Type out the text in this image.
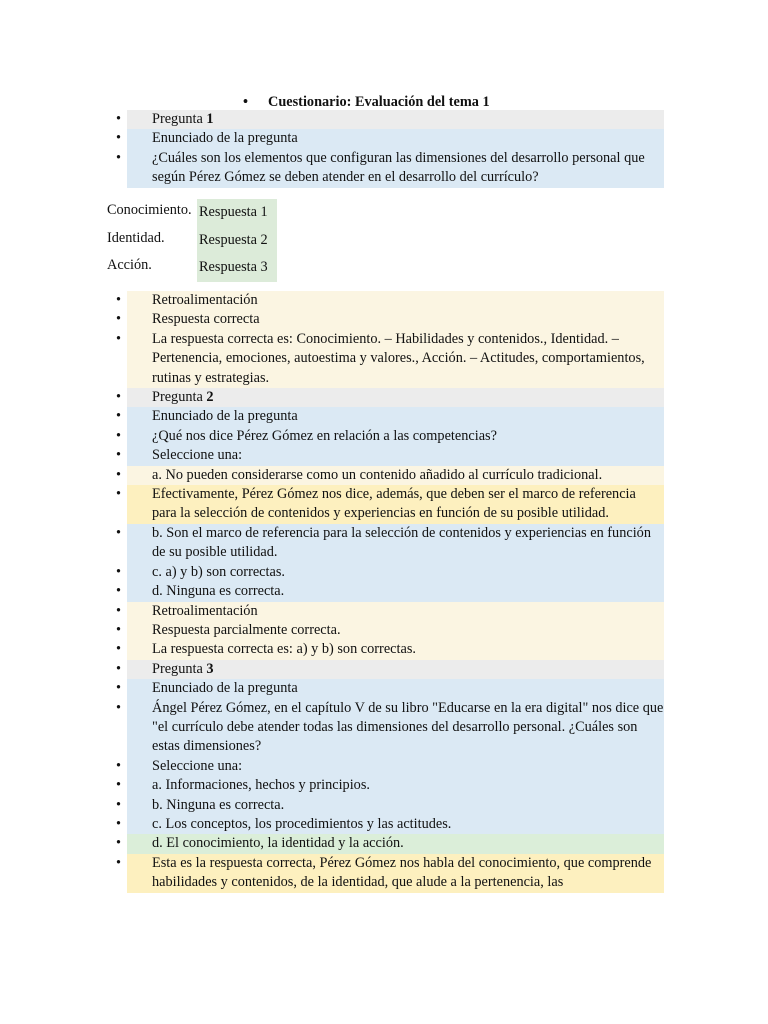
•	Cuestionario: Evaluación del tema 1
•	Pregunta 1
•	Enunciado de la pregunta
•	¿Cuáles son los elementos que configuran las dimensiones del desarrollo personal que según Pérez Gómez se deben atender en el desarrollo del currículo?
Conocimiento. Respuesta 1
Identidad. Respuesta 2
Acción.	Respuesta 3
•	Retroalimentación
•	Respuesta correcta
•	La respuesta correcta es: Conocimiento. – Habilidades y contenidos., Identidad. – Pertenencia, emociones, autoestima y valores., Acción. – Actitudes, comportamientos, rutinas y estrategias.
•	Pregunta 2
•	Enunciado de la pregunta
•	¿Qué nos dice Pérez Gómez en relación a las competencias?
•	Seleccione una:
•	a. No pueden considerarse como un contenido añadido al currículo tradicional.
•	Efectivamente, Pérez Gómez nos dice, además, que deben ser el marco de referencia para la selección de contenidos y experiencias en función de su posible utilidad.
•	b. Son el marco de referencia para la selección de contenidos y experiencias en función de su posible utilidad.
•	c. a) y b) son correctas.
•	d. Ninguna es correcta.
•	Retroalimentación
•	Respuesta parcialmente correcta.
•	La respuesta correcta es: a) y b) son correctas.
•	Pregunta 3
•	Enunciado de la pregunta
•	Ángel Pérez Gómez, en el capítulo V de su libro "Educarse en la era digital" nos dice que "el currículo debe atender todas las dimensiones del desarrollo personal. ¿Cuáles son estas dimensiones?
•	Seleccione una:
•	a. Informaciones, hechos y principios.
•	b. Ninguna es correcta.
•	c. Los conceptos, los procedimientos y las actitudes.
•	d. El conocimiento, la identidad y la acción.
•	Esta es la respuesta correcta, Pérez Gómez nos habla del conocimiento, que comprende habilidades y contenidos, de la identidad, que alude a la pertenencia, las
